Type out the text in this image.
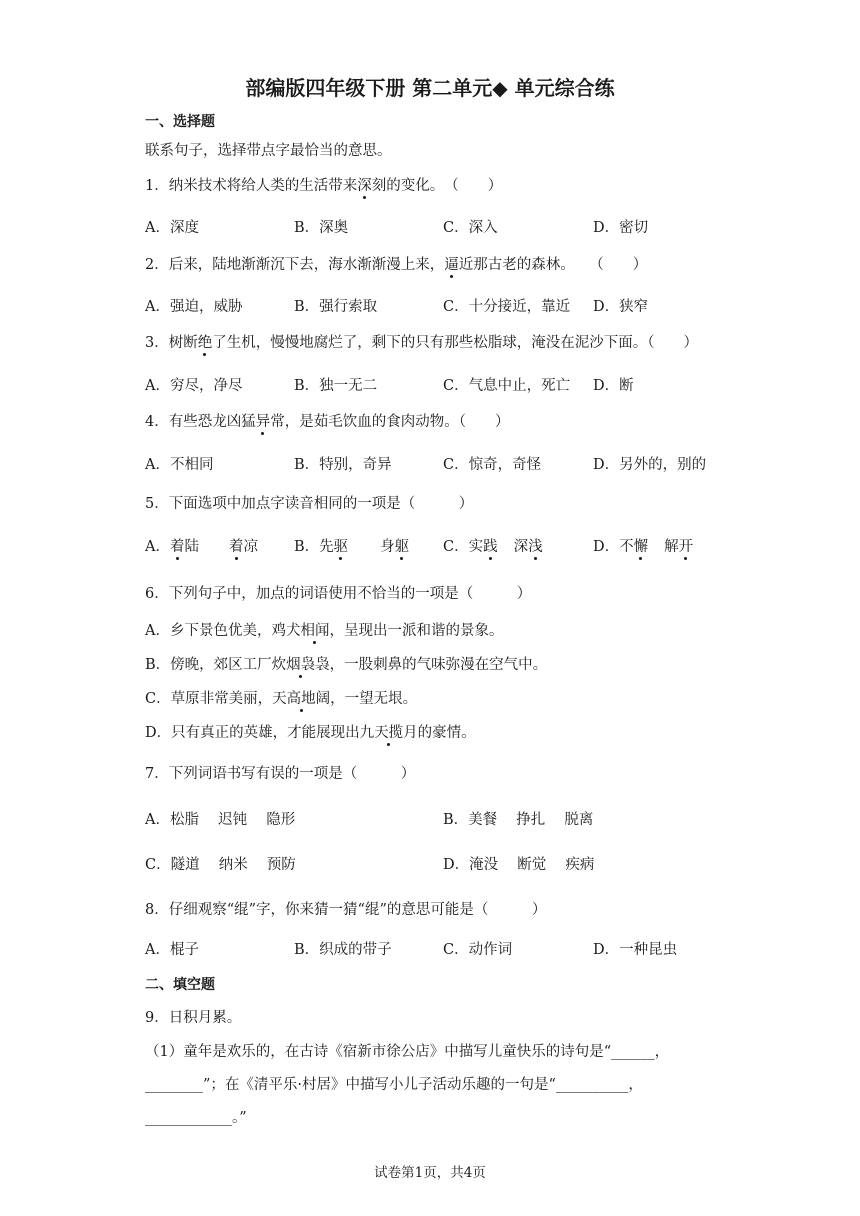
部编版四年级下册 第二单元◆ 单元综合练
一、选择题
联系句子，选择带点字最恰当的意思。
1．纳米技术将给人类的生活带来深刻的变化。　（　　）
A．深度	B．深奥	C．深入	D．密切
2．后来，陆地渐渐沉下去，海水渐渐漫上来，逼近那古老的森林。　　（　　）
A．强迫，威胁	B．强行索取	C．十分接近，靠近 D．狭窄
3．树断绝了生机，慢慢地腐烂了，剩下的只有那些松脂球，淹没在泥沙下面。（　　）
A．穷尽，净尽	B．独一无二	C．气息中止，死亡 D．断
4．有些恐龙凶猛异常，是茹毛饮血的食肉动物。（　　）
A．不相同	B．特别，奇异	C．惊奇，奇怪	D．另外的，别的
5．下面选项中加点字读音相同的一项是（　　　）
A．着陆 着凉 B．先驱 身躯 C．实践 深浅	D．不懈 解开
6．下列句子中，加点的词语使用不恰当的一项是（　　　）
A．乡下景色优美，鸡犬相闻，呈现出一派和谐的景象。
B．傍晚，郊区工厂炊烟袅袅，一股刺鼻的气味弥漫在空气中。
C．草原非常美丽，天高地阔，一望无垠。
D．只有真正的英雄，才能展现出九天揽月的豪情。
7．下列词语书写有误的一项是（　　　）
A．松脂　 迟钝　 隐形	B．美餐　 挣扎　 脱离
C．隧道　 纳米　 预防	D．淹没　 断觉　 疾病
8．仔细观察“绲”字，你来猜一猜“绲”的意思可能是（　　　）
A．棍子	B．织成的带子	C．动作词	D．一种昆虫
二、填空题
9．日积月累。
（1）童年是欢乐的，在古诗《宿新市徐公店》中描写儿童快乐的诗句是“______，
________”；在《清平乐·村居》中描写小儿子活动乐趣的一句是“__________，
____________。”
试卷第1页，共4页
